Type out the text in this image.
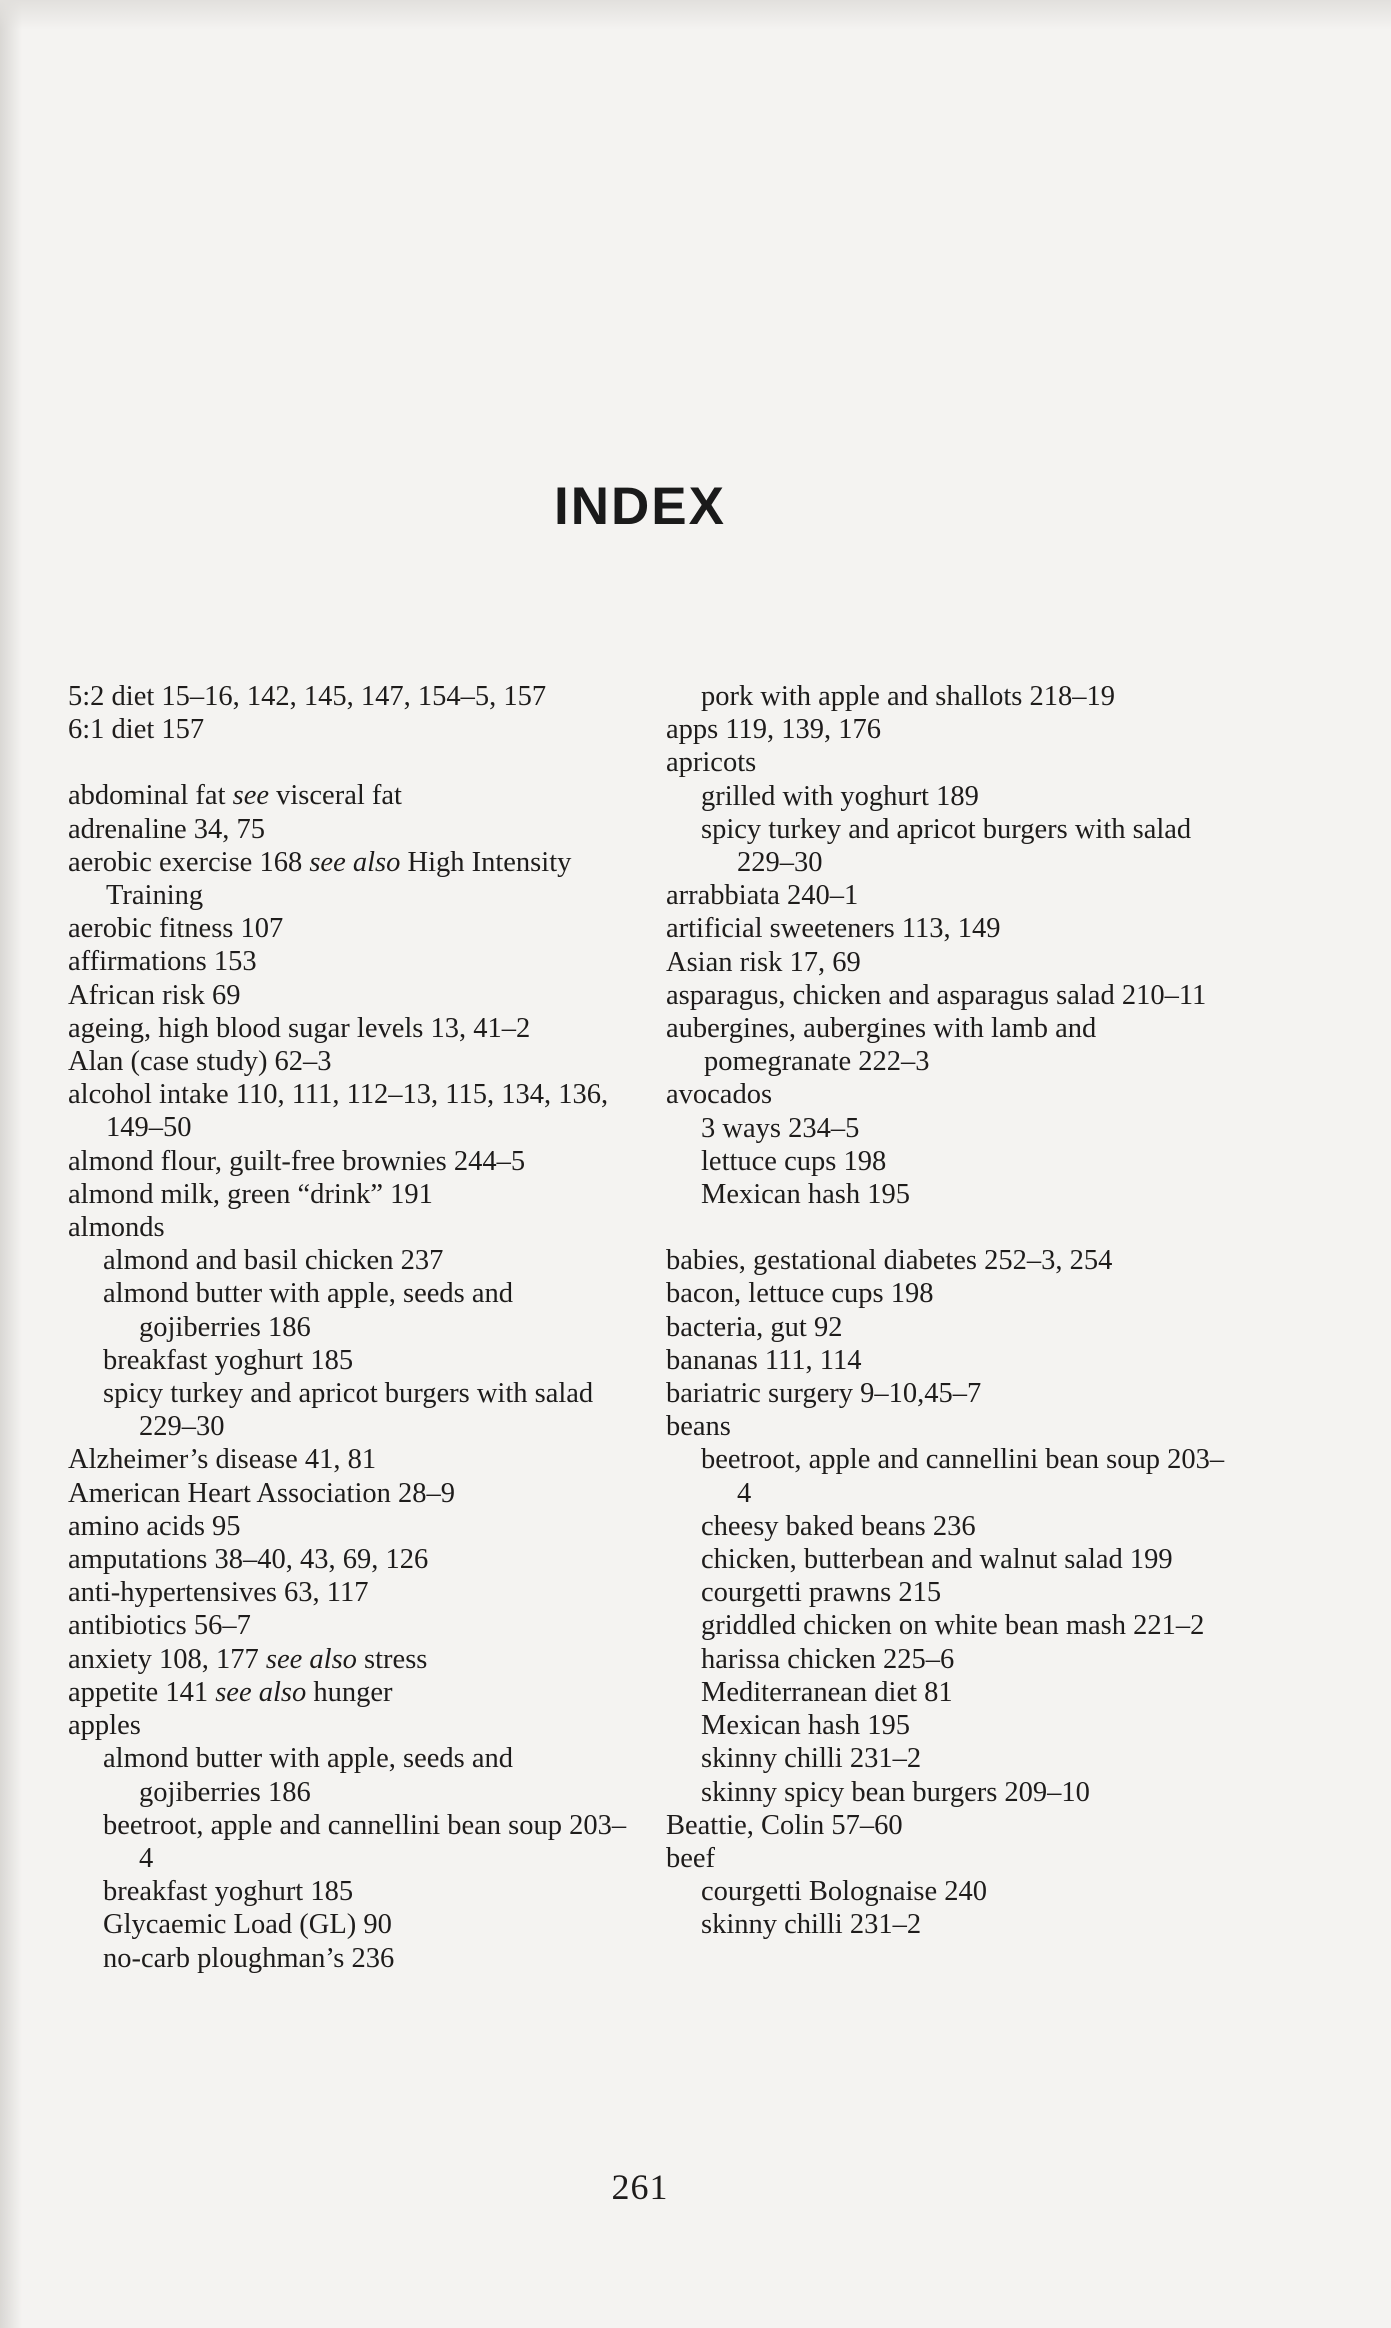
INDEX
5:2 diet 15–16, 142, 145, 147, 154–5, 157
6:1 diet 157
abdominal fat see visceral fat
adrenaline 34, 75
aerobic exercise 168 see also High Intensity Training
aerobic fitness 107
affirmations 153
African risk 69
ageing, high blood sugar levels 13, 41–2
Alan (case study) 62–3
alcohol intake 110, 111, 112–13, 115, 134, 136, 149–50
almond flour, guilt-free brownies 244–5
almond milk, green “drink” 191
almonds
almond and basil chicken 237
almond butter with apple, seeds and gojiberries 186
breakfast yoghurt 185
spicy turkey and apricot burgers with salad 229–30
Alzheimer’s disease 41, 81
American Heart Association 28–9
amino acids 95
amputations 38–40, 43, 69, 126
anti-hypertensives 63, 117
antibiotics 56–7
anxiety 108, 177 see also stress
appetite 141 see also hunger
apples
almond butter with apple, seeds and gojiberries 186
beetroot, apple and cannellini bean soup 203–4
breakfast yoghurt 185
Glycaemic Load (GL) 90
no-carb ploughman’s 236
pork with apple and shallots 218–19
apps 119, 139, 176
apricots
grilled with yoghurt 189
spicy turkey and apricot burgers with salad 229–30
arrabbiata 240–1
artificial sweeteners 113, 149
Asian risk 17, 69
asparagus, chicken and asparagus salad 210–11
aubergines, aubergines with lamb and pomegranate 222–3
avocados
3 ways 234–5
lettuce cups 198
Mexican hash 195
babies, gestational diabetes 252–3, 254
bacon, lettuce cups 198
bacteria, gut 92
bananas 111, 114
bariatric surgery 9–10,45–7
beans
beetroot, apple and cannellini bean soup 203–4
cheesy baked beans 236
chicken, butterbean and walnut salad 199
courgetti prawns 215
griddled chicken on white bean mash 221–2
harissa chicken 225–6
Mediterranean diet 81
Mexican hash 195
skinny chilli 231–2
skinny spicy bean burgers 209–10
Beattie, Colin 57–60
beef
courgetti Bolognaise 240
skinny chilli 231–2
261
